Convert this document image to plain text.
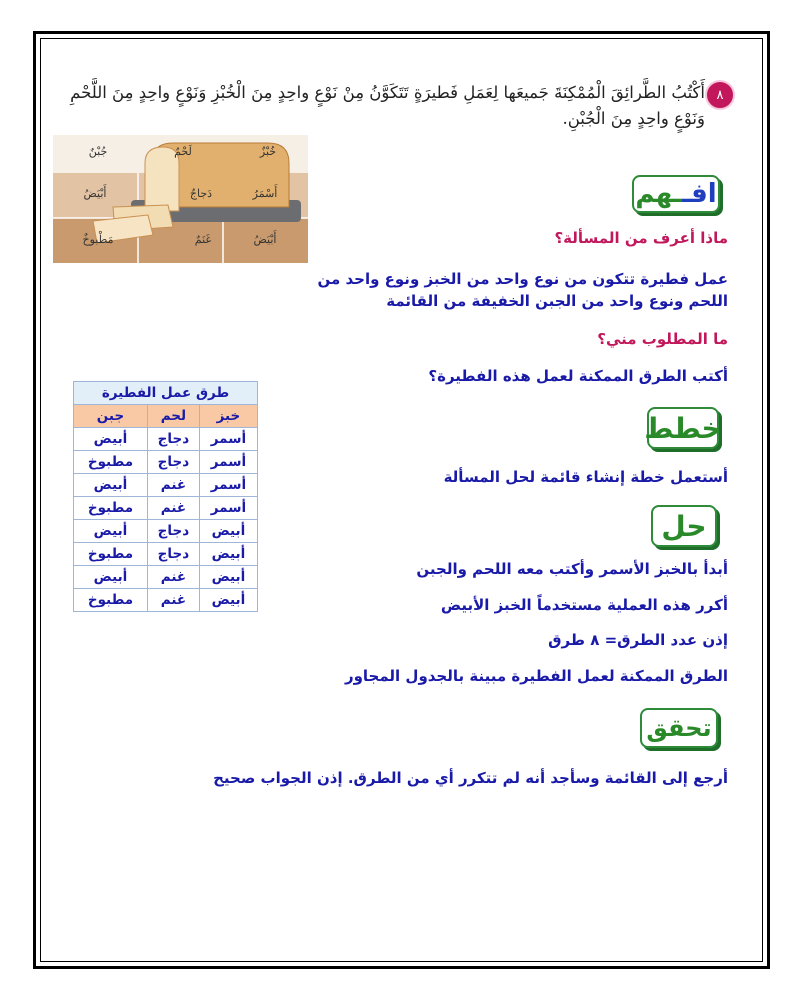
٨
أَكْتُبُ الطَّرائِقَ الْمُمْكِنَةَ جَميعَها لِعَمَلِ فَطيرَةٍ تَتَكَوَّنُ مِنْ نَوْعٍ واحِدٍ مِنَ الْخُبْزِ وَنَوْعٍ واحِدٍ مِنَ اللَّحْمِ وَنَوْعٍ واحِدٍ مِنَ الْجُبْنِ.
خُبْزٌ
لَحْمٌ
جُبْنٌ
أَسْمَرُ
دَجاجٌ
أَبْيَضُ
أَبْيَضُ
غَنَمٌ
مَطْبوخٌ
افـ
ـهم
ماذا أعرف من المسألة؟
عمل فطيرة تتكون من نوع واحد من الخبز ونوع واحد من
اللحم ونوع واحد من الجبن الخفيفة من القائمة
ما المطلوب مني؟
أكتب الطرق الممكنة لعمل هذه الفطيرة؟
خطط
أستعمل خطة إنشاء قائمة لحل المسألة
حل
أبدأ بالخبز الأسمر وأكتب معه اللحم والجبن
أكرر هذه العملية مستخدماً الخبز الأبيض
إذن عدد الطرق= ٨ طرق
الطرق الممكنة لعمل الفطيرة مبينة بالجدول المجاور
تحقق
أرجع إلى القائمة وسأجد أنه لم تتكرر أي من الطرق. إذن الجواب صحيح
طرق عمل الفطيرة		
خبز	لحم	جبن
أسمر	دجاج	أبيض
أسمر	دجاج	مطبوخ
أسمر	غنم	أبيض
أسمر	غنم	مطبوخ
أبيض	دجاج	أبيض
أبيض	دجاج	مطبوخ
أبيض	غنم	أبيض
أبيض	غنم	مطبوخ
